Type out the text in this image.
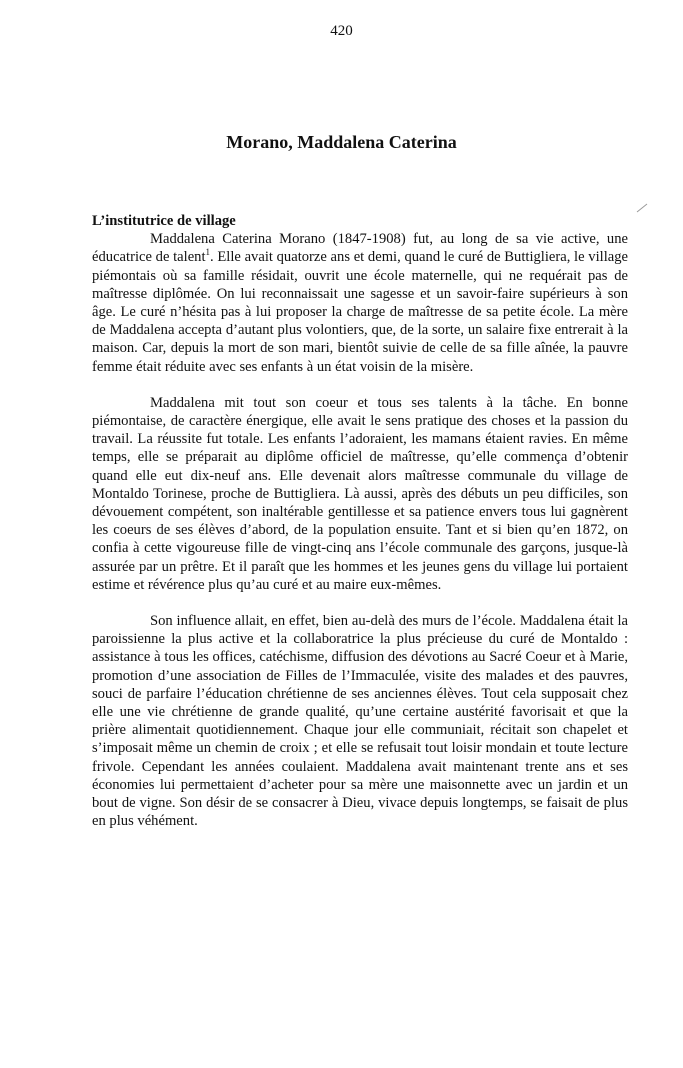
420
Morano, Maddalena Caterina

L’institutrice de village

Maddalena Caterina Morano (1847-1908) fut, au long de sa vie active, une éducatrice de talent$^1$. Elle avait quatorze ans et demi, quand le curé de Buttigliera, le village piémontais où sa famille résidait, ouvrit une école maternelle, qui ne requérait pas de maîtresse diplômée. On lui reconnaissait une sagesse et un savoir-faire supérieurs à son âge. Le curé n’hésita pas à lui proposer la charge de maîtresse de sa petite école. La mère de Maddalena accepta d’autant plus volontiers, que, de la sorte, un salaire fixe entrerait à la maison. Car, depuis la mort de son mari, bientôt suivie de celle de sa fille aînée, la pauvre femme était réduite avec ses enfants à un état voisin de la misère.

Maddalena mit tout son coeur et tous ses talents à la tâche. En bonne piémontaise, de caractère énergique, elle avait le sens pratique des choses et la passion du travail. La réussite fut totale. Les enfants l’adoraient, les mamans étaient ravies. En même temps, elle se préparait au diplôme officiel de maîtresse, qu’elle commença d’obtenir quand elle eut dix-neuf ans. Elle devenait alors maîtresse communale du village de Montaldo Torinese, proche de Buttigliera. Là aussi, après des débuts un peu difficiles, son dévouement compétent, son inaltérable gentillesse et sa patience envers tous lui gagnèrent les coeurs de ses élèves d’abord, de la population ensuite. Tant et si bien qu’en 1872, on confia à cette vigoureuse fille de vingt-cinq ans l’école communale des garçons, jusque-là assurée par un prêtre. Et il paraît que les hommes et les jeunes gens du village lui portaient estime et révérence plus qu’au curé et au maire eux-mêmes.

Son influence allait, en effet, bien au-delà des murs de l’école. Maddalena était la paroissienne la plus active et la collaboratrice la plus précieuse du curé de Montaldo : assistance à tous les offices, catéchisme, diffusion des dévotions au Sacré Coeur et à Marie, promotion d’une association de Filles de l’Immaculée, visite des malades et des pauvres, souci de parfaire l’éducation chrétienne de ses anciennes élèves. Tout cela supposait chez elle une vie chrétienne de grande qualité, qu’une certaine austérité favorisait et que la prière alimentait quotidiennement. Chaque jour elle communiait, récitait son chapelet et s’imposait même un chemin de croix ; et elle se refusait tout loisir mondain et toute lecture frivole. Cependant les années coulaient. Maddalena avait maintenant trente ans et ses économies lui permettaient d’acheter pour sa mère une maisonnette avec un jardin et un bout de vigne. Son désir de se consacrer à Dieu, vivace depuis longtemps, se faisait de plus en plus véhément.
